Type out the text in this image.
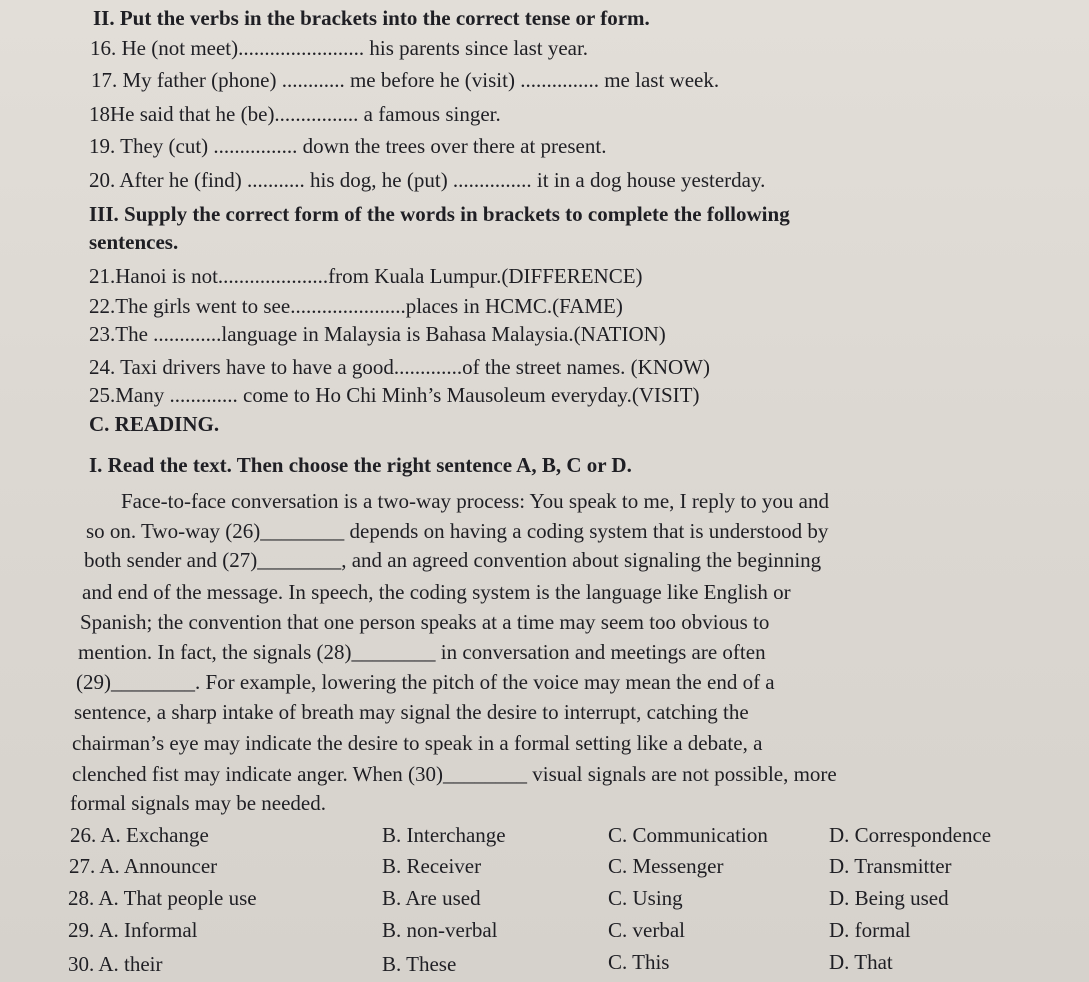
II. Put the verbs in the brackets into the correct tense or form.
16. He (not meet)........................ his parents since last year.
17. My father (phone) ............ me before he (visit) ............... me last week.
18He said that he (be)................ a famous singer.
19. They (cut) ................ down the trees over there at present.
20. After he (find) ........... his dog, he (put) ............... it in a dog house yesterday.
III. Supply the correct form of the words in brackets to complete the following
sentences.
21.Hanoi is not.....................from Kuala Lumpur.(DIFFERENCE)
22.The girls went to see......................places in HCMC.(FAME)
23.The .............language in Malaysia is Bahasa Malaysia.(NATION)
24. Taxi drivers have to have a good.............of the street names. (KNOW)
25.Many ............. come to Ho Chi Minh’s Mausoleum everyday.(VISIT)
C. READING.
I. Read the text. Then choose the right sentence A, B, C or D.
Face-to-face conversation is a two-way process: You speak to me, I reply to you and
so on. Two-way (26)________ depends on having a coding system that is understood by
both sender and (27)________, and an agreed convention about signaling the beginning
and end of the message. In speech, the coding system is the language like English or
Spanish; the convention that one person speaks at a time may seem too obvious to
mention. In fact, the signals (28)________ in conversation and meetings are often
(29)________. For example, lowering the pitch of the voice may mean the end of a
sentence, a sharp intake of breath may signal the desire to interrupt, catching the
chairman’s eye may indicate the desire to speak in a formal setting like a debate, a
clenched fist may indicate anger. When (30)________ visual signals are not possible, more
formal signals may be needed.
26. A. Exchange	B. Interchange	C. Communication	D. Correspondence
27. A. Announcer	B. Receiver	C. Messenger	D. Transmitter
28. A. That people use	B. Are used	C. Using	D. Being used
29. A. Informal	B. non-verbal	C. verbal	D. formal
30. A. their	B. These	C. This	D. That
